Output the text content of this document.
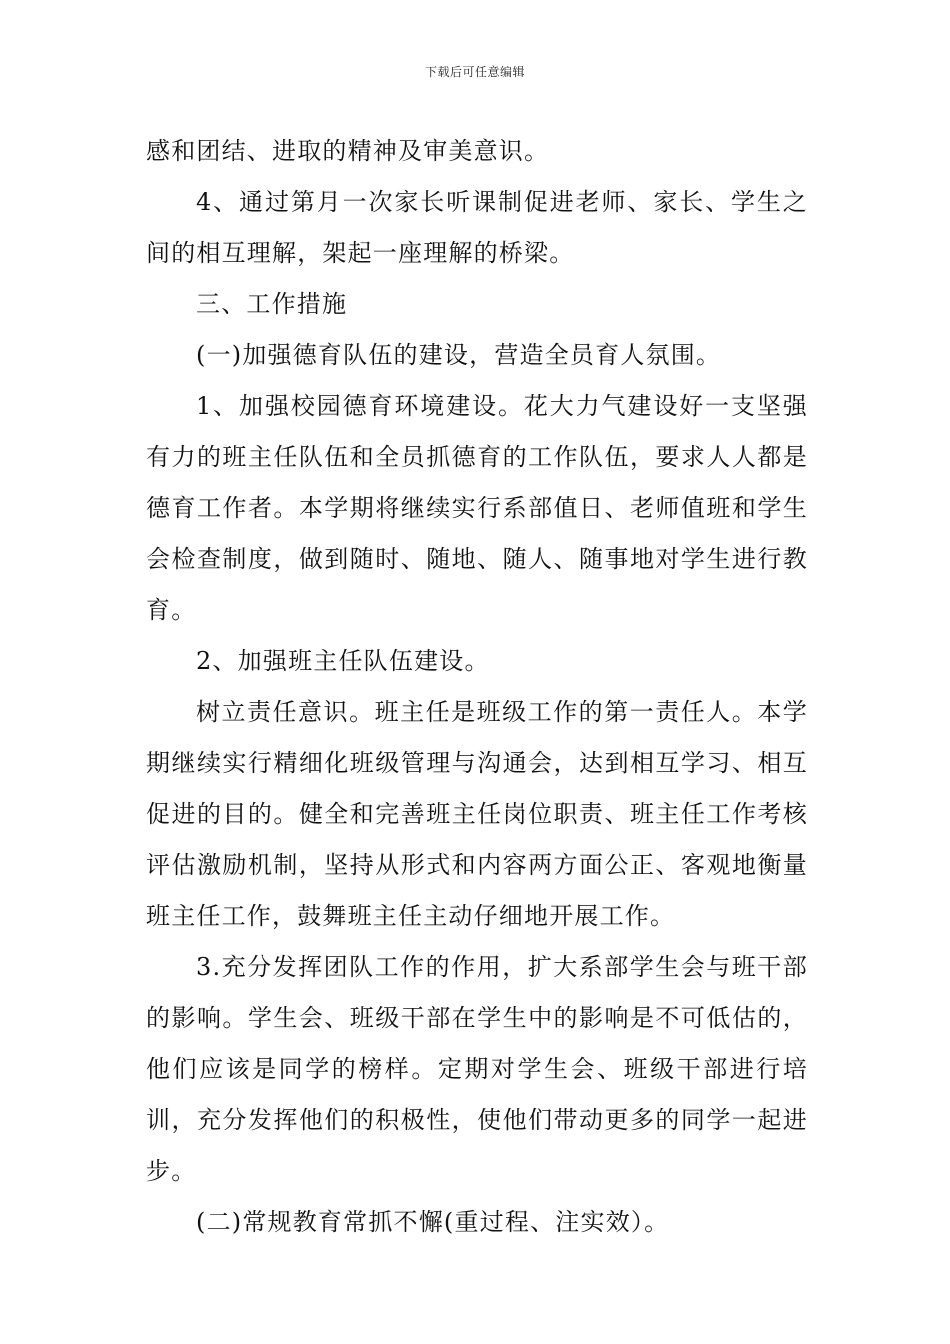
下载后可任意编辑

感和团结、进取的精神及审美意识。

4、通过第月一次家长听课制促进老师、家长、学生之间的相互理解，架起一座理解的桥梁。

三、工作措施

(一)加强德育队伍的建设，营造全员育人氛围。

1、加强校园德育环境建设。花大力气建设好一支坚强有力的班主任队伍和全员抓德育的工作队伍，要求人人都是德育工作者。本学期将继续实行系部值日、老师值班和学生会检查制度，做到随时、随地、随人、随事地对学生进行教育。

2、加强班主任队伍建设。

树立责任意识。班主任是班级工作的第一责任人。本学期继续实行精细化班级管理与沟通会，达到相互学习、相互促进的目的。健全和完善班主任岗位职责、班主任工作考核评估激励机制，坚持从形式和内容两方面公正、客观地衡量班主任工作，鼓舞班主任主动仔细地开展工作。

3.充分发挥团队工作的作用，扩大系部学生会与班干部的影响。学生会、班级干部在学生中的影响是不可低估的，他们应该是同学的榜样。定期对学生会、班级干部进行培训，充分发挥他们的积极性，使他们带动更多的同学一起进步。

(二)常规教育常抓不懈(重过程、注实效）。
